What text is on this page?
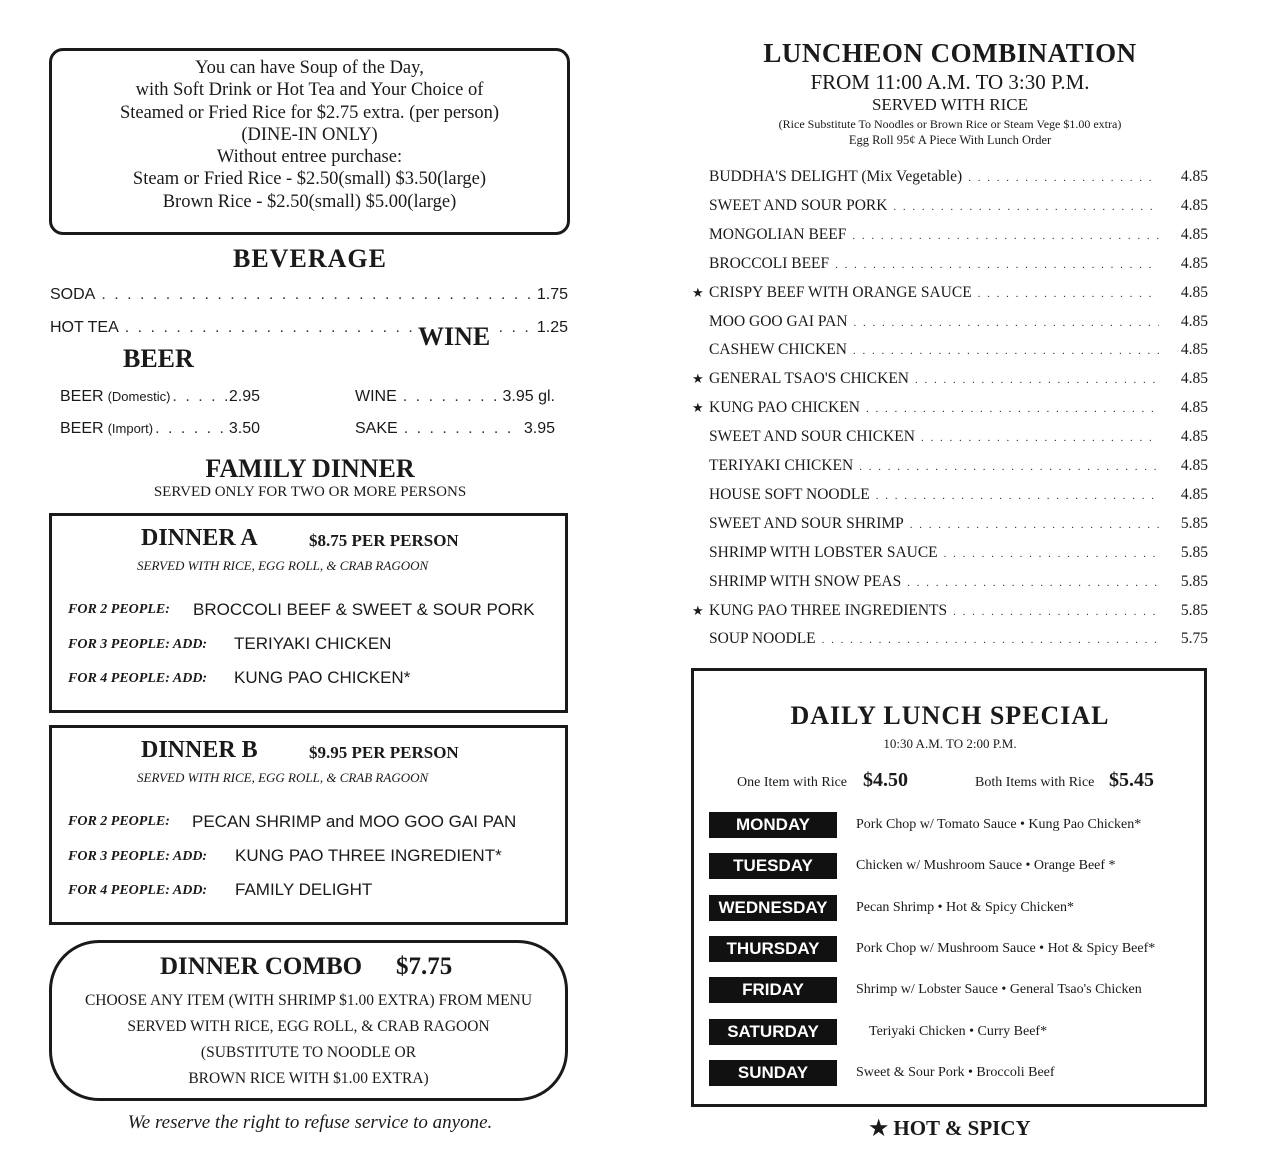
You can have Soup of the Day,
with Soft Drink or Hot Tea and Your Choice of
Steamed or Fried Rice for $2.75 extra. (per person)
(DINE-IN ONLY)
Without entree purchase:
Steam or Fried Rice - $2.50(small) $3.50(large)
Brown Rice - $2.50(small) $5.00(large)
BEVERAGE
SODA . . .	1.75
HOT TEA . . .	1.25
WINE
BEER
BEER (Domestic) . . .	2.95
BEER (Import) . . .	3.50
WINE . . .	3.95 gl.
SAKE . . .	3.95
FAMILY DINNER
SERVED ONLY FOR TWO OR MORE PERSONS
DINNER A	$8.75 PER PERSON
SERVED WITH RICE, EGG ROLL, & CRAB RAGOON
FOR 2 PEOPLE: BROCCOLI BEEF & SWEET & SOUR PORK
FOR 3 PEOPLE: ADD: TERIYAKI CHICKEN
FOR 4 PEOPLE: ADD: KUNG PAO CHICKEN*
DINNER B	$9.95 PER PERSON
SERVED WITH RICE, EGG ROLL, & CRAB RAGOON
FOR 2 PEOPLE: PECAN SHRIMP and MOO GOO GAI PAN
FOR 3 PEOPLE: ADD: KUNG PAO THREE INGREDIENT*
FOR 4 PEOPLE: ADD: FAMILY DELIGHT
DINNER COMBO $7.75
CHOOSE ANY ITEM (WITH SHRIMP $1.00 EXTRA) FROM MENU
SERVED WITH RICE, EGG ROLL, & CRAB RAGOON
(SUBSTITUTE TO NOODLE OR
BROWN RICE WITH $1.00 EXTRA)
We reserve the right to refuse service to anyone.
LUNCHEON COMBINATION
FROM 11:00 A.M. TO 3:30 P.M.
SERVED WITH RICE
(Rice Substitute To Noodles or Brown Rice or Steam Vege $1.00 extra)
Egg Roll 95¢ A Piece With Lunch Order
BUDDHA'S DELIGHT (Mix Vegetable) . . .	4.85
SWEET AND SOUR PORK . . .	4.85
MONGOLIAN BEEF . . .	4.85
BROCCOLI BEEF . . .	4.85
★ CRISPY BEEF WITH ORANGE SAUCE . . .	4.85
MOO GOO GAI PAN . . .	4.85
CASHEW CHICKEN . . .	4.85
★ GENERAL TSAO'S CHICKEN . . .	4.85
★ KUNG PAO CHICKEN . . .	4.85
SWEET AND SOUR CHICKEN . . .	4.85
TERIYAKI CHICKEN . . .	4.85
HOUSE SOFT NOODLE . . .	4.85
SWEET AND SOUR SHRIMP . . .	5.85
SHRIMP WITH LOBSTER SAUCE . . .	5.85
SHRIMP WITH SNOW PEAS . . .	5.85
★ KUNG PAO THREE INGREDIENTS . . .	5.85
SOUP NOODLE . . .	5.75
DAILY LUNCH SPECIAL
10:30 A.M. TO 2:00 P.M.
One Item with Rice $4.50	Both Items with Rice $5.45
MONDAY	Pork Chop w/ Tomato Sauce • Kung Pao Chicken*
TUESDAY	Chicken w/ Mushroom Sauce • Orange Beef *
WEDNESDAY	Pecan Shrimp • Hot & Spicy Chicken*
THURSDAY	Pork Chop w/ Mushroom Sauce • Hot & Spicy Beef*
FRIDAY	Shrimp w/ Lobster Sauce • General Tsao's Chicken
SATURDAY	Teriyaki Chicken • Curry Beef*
SUNDAY	Sweet & Sour Pork • Broccoli Beef
★ HOT & SPICY
